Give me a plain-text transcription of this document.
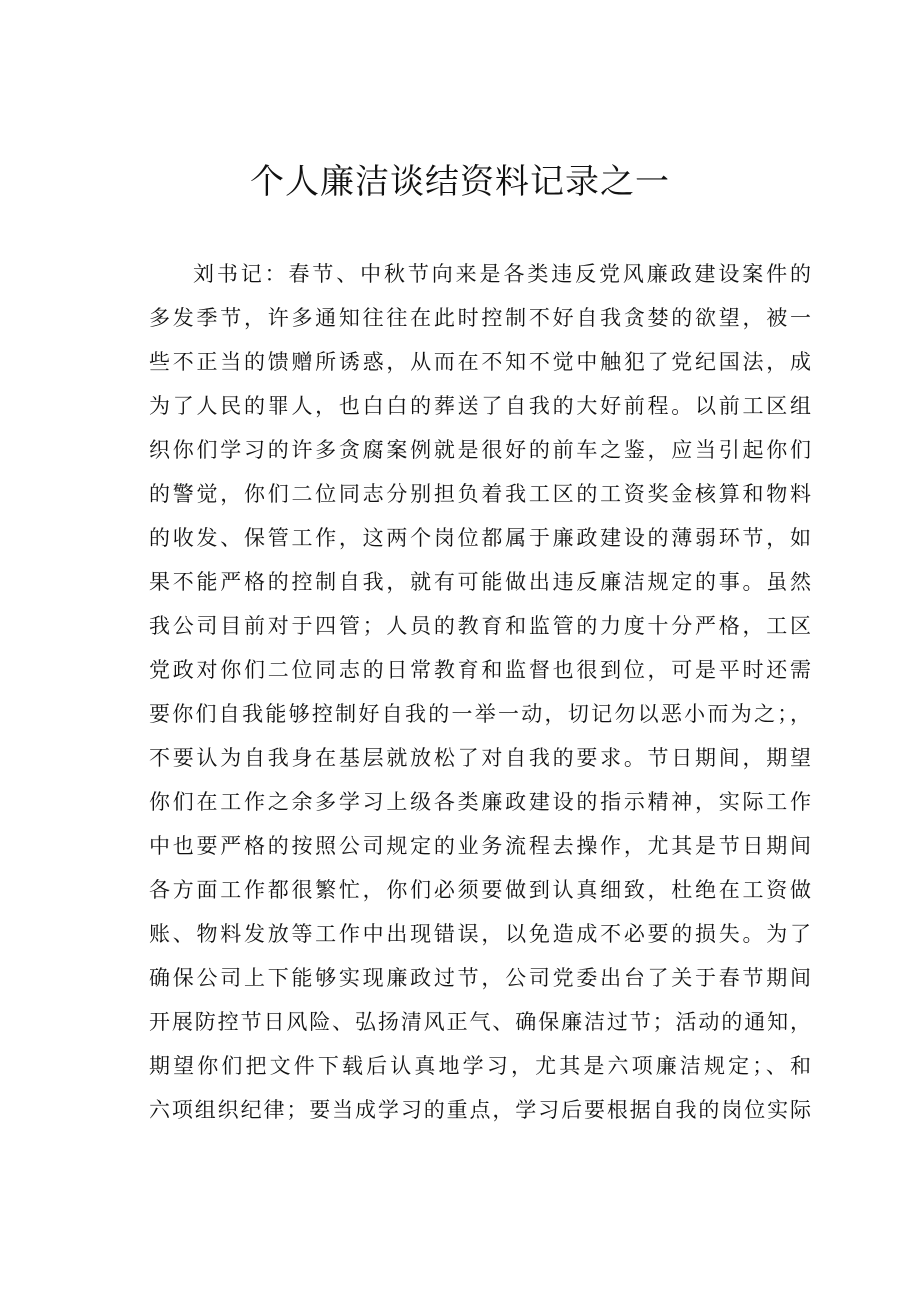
个人廉洁谈结资料记录之一
刘书记：春节、中秋节向来是各类违反党风廉政建设案件的
多发季节，许多通知往往在此时控制不好自我贪婪的欲望，被一
些不正当的馈赠所诱惑，从而在不知不觉中触犯了党纪国法，成
为了人民的罪人，也白白的葬送了自我的大好前程。以前工区组
织你们学习的许多贪腐案例就是很好的前车之鉴，应当引起你们
的警觉，你们二位同志分别担负着我工区的工资奖金核算和物料
的收发、保管工作，这两个岗位都属于廉政建设的薄弱环节，如
果不能严格的控制自我，就有可能做出违反廉洁规定的事。虽然
我公司目前对于四管；人员的教育和监管的力度十分严格，工区
党政对你们二位同志的日常教育和监督也很到位，可是平时还需
要你们自我能够控制好自我的一举一动，切记勿以恶小而为之；，
不要认为自我身在基层就放松了对自我的要求。节日期间，期望
你们在工作之余多学习上级各类廉政建设的指示精神，实际工作
中也要严格的按照公司规定的业务流程去操作，尤其是节日期间
各方面工作都很繁忙，你们必须要做到认真细致，杜绝在工资做
账、物料发放等工作中出现错误，以免造成不必要的损失。为了
确保公司上下能够实现廉政过节，公司党委出台了关于春节期间
开展防控节日风险、弘扬清风正气、确保廉洁过节；活动的通知，
期望你们把文件下载后认真地学习，尤其是六项廉洁规定；、和
六项组织纪律；要当成学习的重点，学习后要根据自我的岗位实际
